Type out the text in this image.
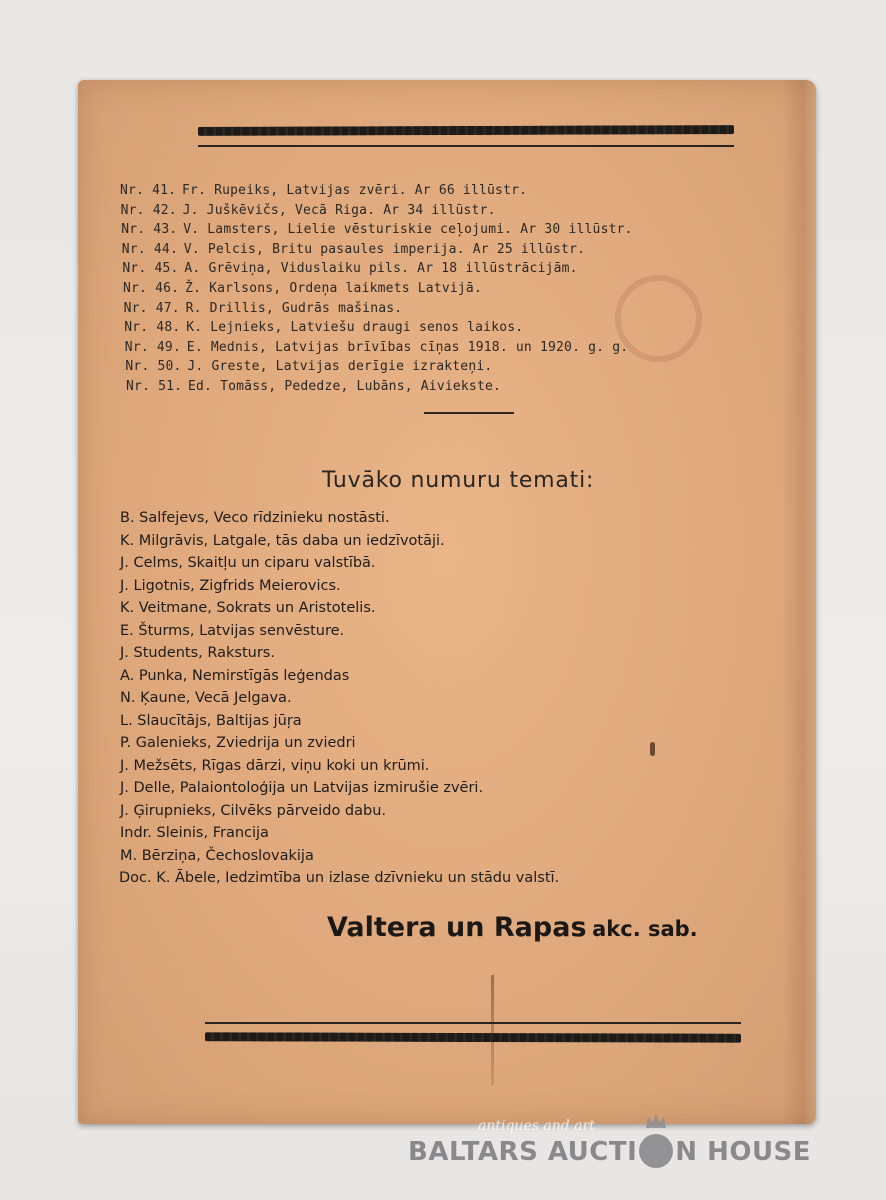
Nr. 41. Fr. Rupeiks, Latvijas zvēri. Ar 66 illūstr.
Nr. 42. J. Juškēvičs, Vecā Riga. Ar 34 illūstr.
Nr. 43. V. Lamsters, Lielie vēsturiskie ceļojumi. Ar 30 illūstr.
Nr. 44. V. Pelcis, Britu pasaules imperija. Ar 25 illūstr.
Nr. 45. A. Grēviņa, Viduslaiku pils. Ar 18 illūstrācijām.
Nr. 46. Ž. Karlsons, Ordeņa laikmets Latvijā.
Nr. 47. R. Drillis, Gudrās mašinas.
Nr. 48. K. Lejnieks, Latviešu draugi senos laikos.
Nr. 49. E. Mednis, Latvijas brīvības cīņas 1918. un 1920. g. g.
Nr. 50. J. Greste, Latvijas derīgie izrakteņi.
Nr. 51. Ed. Tomāss, Pededze, Lubāns, Aiviekste.
Tuvāko numuru temati:
B. Salfejevs, Veco rīdzinieku nostāsti.
K. Milgrāvis, Latgale, tās daba un iedzīvotāji.
J. Celms, Skaitļu un ciparu valstībā.
J. Ligotnis, Zigfrids Meierovics.
K. Veitmane, Sokrats un Aristotelis.
E. Šturms, Latvijas senvēsture.
J. Students, Raksturs.
A. Punka, Nemirstīgās leģendas
N. Ķaune, Vecā Jelgava.
L. Slaucītājs, Baltijas jūŗa
P. Galenieks, Zviedrija un zviedri
J. Mežsēts, Rīgas dārzi, viņu koki un krūmi.
J. Delle, Palaiontoloģija un Latvijas izmirušie zvēri.
J. Ģirupnieks, Cilvēks pārveido dabu.
Indr. Sleinis, Francija
M. Bērziņa, Čechoslovakija
Doc. K. Ābele, Iedzimtība un izlase dzīvnieku un stādu valstī.
Valtera un Rapas akc. sab.
antiques and art
BALTARS AUCTI N HOUSE
